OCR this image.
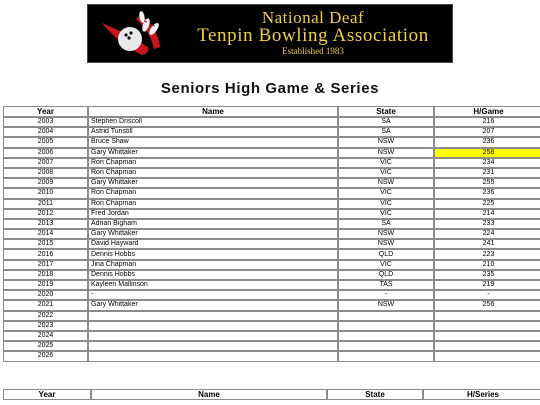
National Deaf
Tenpin Bowling Association
Established 1983
Seniors High Game & Series
Year	Name	State	H/Game
2003	Stephen Driscoll	SA	216
2004	Astrid Tunstill	SA	207
2005	Bruce Shaw	NSW	236
2006	Gary Whittaker	NSW	258
2007	Ron Chapman	VIC	234
2008	Ron Chapman	VIC	231
2009	Gary Whittaker	NSW	255
2010	Ron Chapman	VIC	236
2011	Ron Chapman	VIC	225
2012	Fred Jordan	VIC	214
2013	Adrian Bigham	SA	233
2014	Gary Whittaker	NSW	224
2015	David Hayward	NSW	241
2016	Dennis Hobbs	QLD	223
2017	Jina Chapman	VIC	210
2018	Dennis Hobbs	QLD	235
2019	Kayleen Mallinson	TAS	219
2020	-	-	-
2021	Gary Whittaker	NSW	256
2022			
2023			
2024			
2025			
2026			
Year	Name	State	H/Series
